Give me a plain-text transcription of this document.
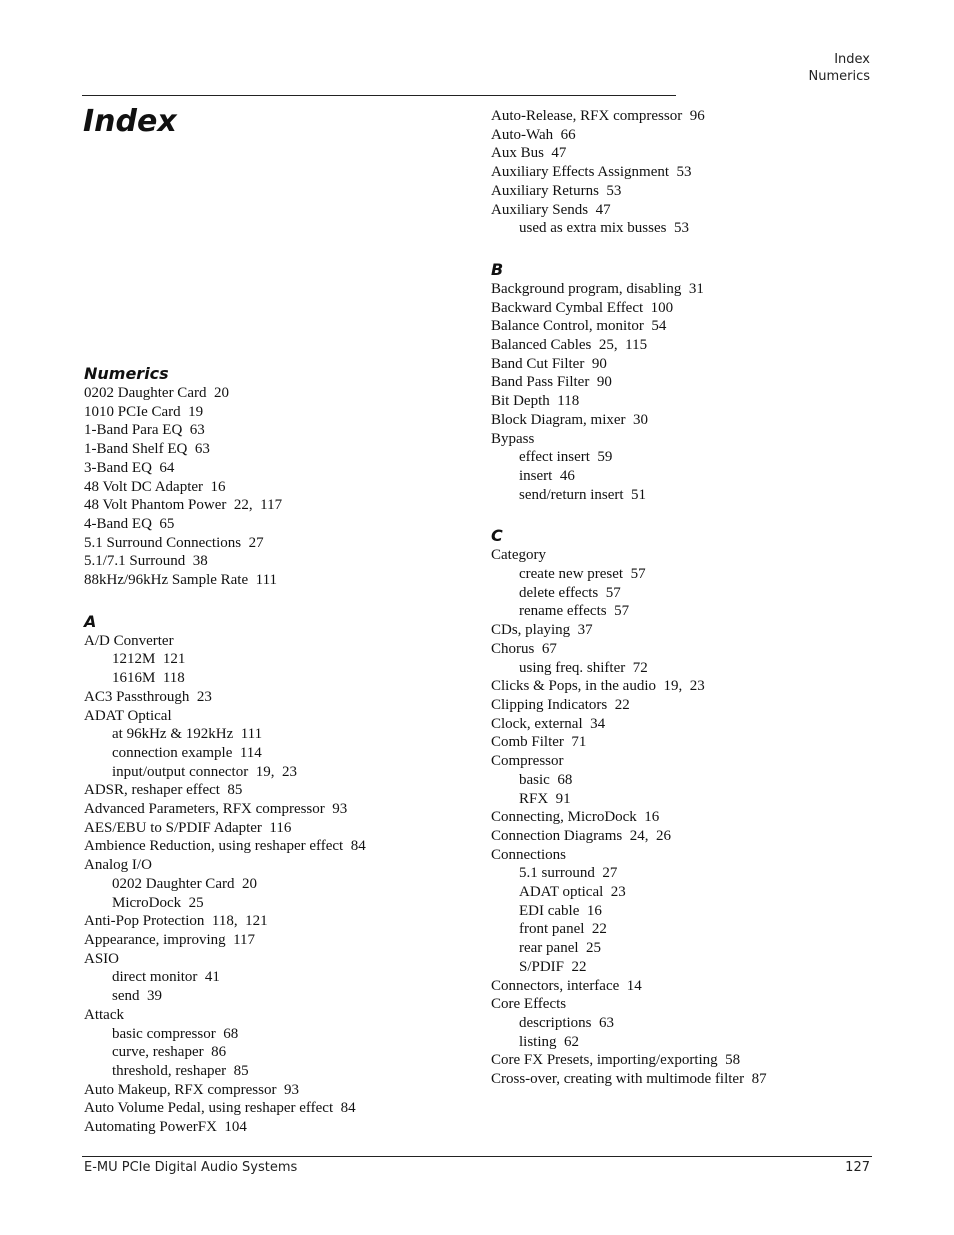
Index
Numerics
Index
Numerics
0202 Daughter Card  20
1010 PCIe Card  19
1-Band Para EQ  63
1-Band Shelf EQ  63
3-Band EQ  64
48 Volt DC Adapter  16
48 Volt Phantom Power  22,  117
4-Band EQ  65
5.1 Surround Connections  27
5.1/7.1 Surround  38
88kHz/96kHz Sample Rate  111
A
A/D Converter
1212M  121
1616M  118
AC3 Passthrough  23
ADAT Optical
at 96kHz & 192kHz  111
connection example  114
input/output connector  19,  23
ADSR, reshaper effect  85
Advanced Parameters, RFX compressor  93
AES/EBU to S/PDIF Adapter  116
Ambience Reduction, using reshaper effect  84
Analog I/O
0202 Daughter Card  20
MicroDock  25
Anti-Pop Protection  118,  121
Appearance, improving  117
ASIO
direct monitor  41
send  39
Attack
basic compressor  68
curve, reshaper  86
threshold, reshaper  85
Auto Makeup, RFX compressor  93
Auto Volume Pedal, using reshaper effect  84
Automating PowerFX  104
Auto-Release, RFX compressor  96
Auto-Wah  66
Aux Bus  47
Auxiliary Effects Assignment  53
Auxiliary Returns  53
Auxiliary Sends  47
used as extra mix busses  53
B
Background program, disabling  31
Backward Cymbal Effect  100
Balance Control, monitor  54
Balanced Cables  25,  115
Band Cut Filter  90
Band Pass Filter  90
Bit Depth  118
Block Diagram, mixer  30
Bypass
effect insert  59
insert  46
send/return insert  51
C
Category
create new preset  57
delete effects  57
rename effects  57
CDs, playing  37
Chorus  67
using freq. shifter  72
Clicks & Pops, in the audio  19,  23
Clipping Indicators  22
Clock, external  34
Comb Filter  71
Compressor
basic  68
RFX  91
Connecting, MicroDock  16
Connection Diagrams  24,  26
Connections
5.1 surround  27
ADAT optical  23
EDI cable  16
front panel  22
rear panel  25
S/PDIF  22
Connectors, interface  14
Core Effects
descriptions  63
listing  62
Core FX Presets, importing/exporting  58
Cross-over, creating with multimode filter  87
E-MU PCIe Digital Audio Systems	127
